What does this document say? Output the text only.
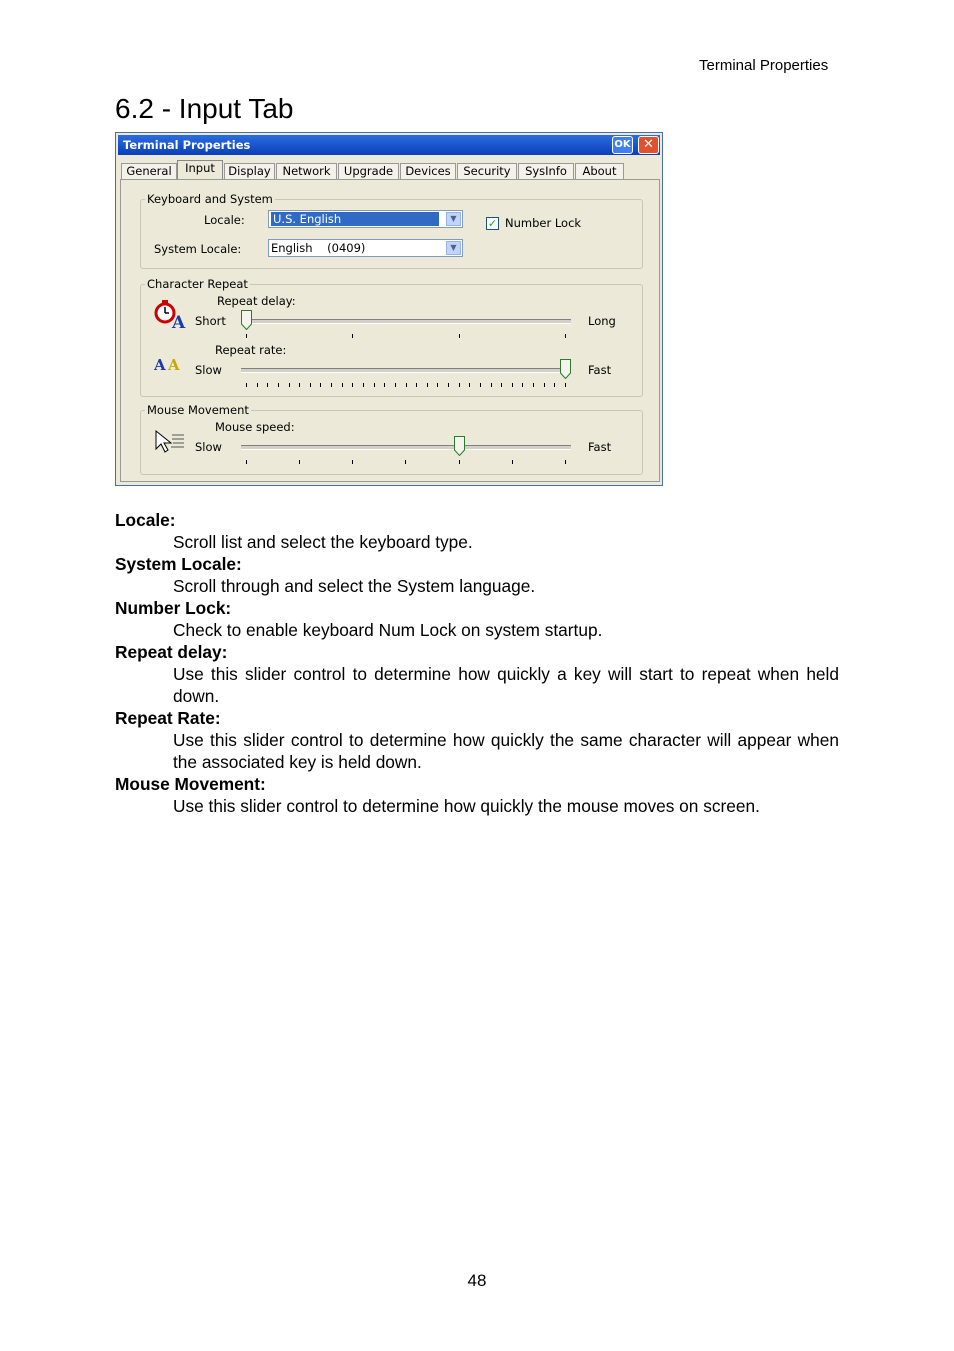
Terminal Properties
6.2 - Input Tab
Terminal Properties	OK ✕
General	Input	Display	Network	Upgrade	Devices	Security	SysInfo	About
Keyboard and System
Locale: U.S. English	▼	✓ Number Lock
System Locale:	English    (0409)	▼
Character Repeat
A
Repeat delay:
Short	Long
A A
Repeat rate:
Slow	Fast
Mouse Movement
Mouse speed:
Slow	Fast

Locale:

Scroll list and select the keyboard type.

System Locale:

Scroll through and select the System language.

Number Lock:

Check to enable keyboard Num Lock on system startup.

Repeat delay:

Use this slider control to determine how quickly a key will start to repeat when held down.

Repeat Rate:

Use this slider control to determine how quickly the same character will appear when the associated key is held down.

Mouse Movement:

Use this slider control to determine how quickly the mouse moves on screen.

48
